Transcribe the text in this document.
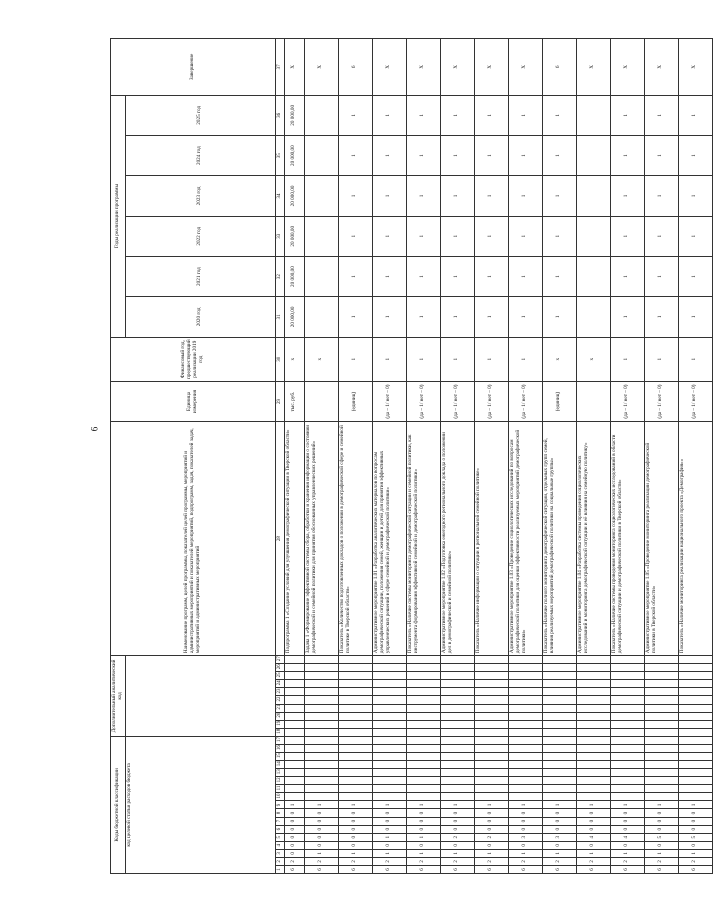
6
Коды бюджетной классификации																	Дополнительный аналитический код										Наименование программ, целей программы, показателей целей программы, мероприятий и административных мероприятий и показателей мероприятий, подпрограмм, задач, показателей задач, мероприятий и административных мероприятий	Единица измерения	Финансовый год, предшествующий реализации 2019 год	Годы реализации программы						Завершение
код целевой статьи расходов бюджета																														2020 год	2021 год	2022 год	2023 год	2024 год	2025 год	
1	2	3	4	5	6	7	8	9	10	11	12	13	14	15	16	17	18	19	20	21	22	23	24	25	26	27	28	29	30	31	32	33	34	35	36	37
6	2	0	0	0	0	0	0	1																			Подпрограмма 1 «Создание условий для улучшения демографической ситуации в Тверской области»	тыс. руб.	х	20 000,00	20 000,00	20 000,00	20 000,00	20 000,00	20 000,00	X
6	2	1	0	0	0	0	0	1																			Задача 1 «Формирование эффективной системы сбора, обработки и хранения информации о состоянии демографической и семейной политики для принятия обоснованных управленческих решений»		х							X
6	2	1	0	0	0	0	0	1																			Показатель «Количество подготовленных докладов о положении в демографической сфере и семейной политике в Тверской области»	(единиц)	1	1	1	1	1	1	1	6
6	2	1	0	1	0	0	0	1																			Административное мероприятие 1.01 «Разработка аналитических материалов по вопросам демографической ситуации, положения семей, женщин и детей для принятия эффективных управленческих решений в сфере семейной и демографической политики»	(да – 1/ нет – 0)	1	1	1	1	1	1	1	X
6	2	1	0	1	0	0	0	1																			Показатель «Наличие системы мониторинга демографической ситуации и семейной политики, как инструмента формирования эффективной семейной и демографической политики»	(да – 1/ нет – 0)	1	1	1	1	1	1	1	X
6	2	1	0	2	0	0	0	1																			Административное мероприятие 1.02 «Подготовка ежегодного регионального доклада о положении дел в демографической и семейной политике»	(да – 1/ нет – 0)	1	1	1	1	1	1	1	X
6	2	1	0	2	0	0	0	1																			Показатель «Наличие информации о ситуации в региональной семейной политике»	(да – 1/ нет – 0)	1	1	1	1	1	1	1	X
6	2	1	0	3	0	0	0	1																			Административное мероприятие 1.03 «Проведение социологических исследований по вопросам демографической политики для оценки эффективности реализуемых мероприятий демографической политики»	(да – 1/ нет – 0)	1	1	1	1	1	1	1	X
6	2	1	0	3	0	0	0	1																			Показатель «Наличие полного мониторинга демографической ситуации, отдельных групп семей, влияния реализуемых мероприятий демографической политики на социальные группы»	(единиц)	х	1	1	1	1	1	1	6
6	2	1	0	4	0	0	0	1																			Административное мероприятие 1.04 «Разработка системы проведения социологических исследований и мониторинга демографической ситуации и её влияния на семейную политику»		х							X
6	2	1	0	4	0	0	0	1																			Показатель «Наличие системы проведения мониторинга социологических исследований в области демографической ситуации и демографической политики в Тверской области»	(да – 1/ нет – 0)	1	1	1	1	1	1	1	X
6	2	1	0	5	0	0	0	1																			Административное мероприятие 1.05 «Проведение мониторинга реализации демографической политики в Тверской области»	(да – 1/ нет – 0)	1	1	1	1	1	1	1	X
6	2	1	0	5	0	0	0	1																			Показатель «Наличие мониторинга реализации национального проекта «Демография»»	(да – 1/ нет – 0)	1	1	1	1	1	1	1	X
